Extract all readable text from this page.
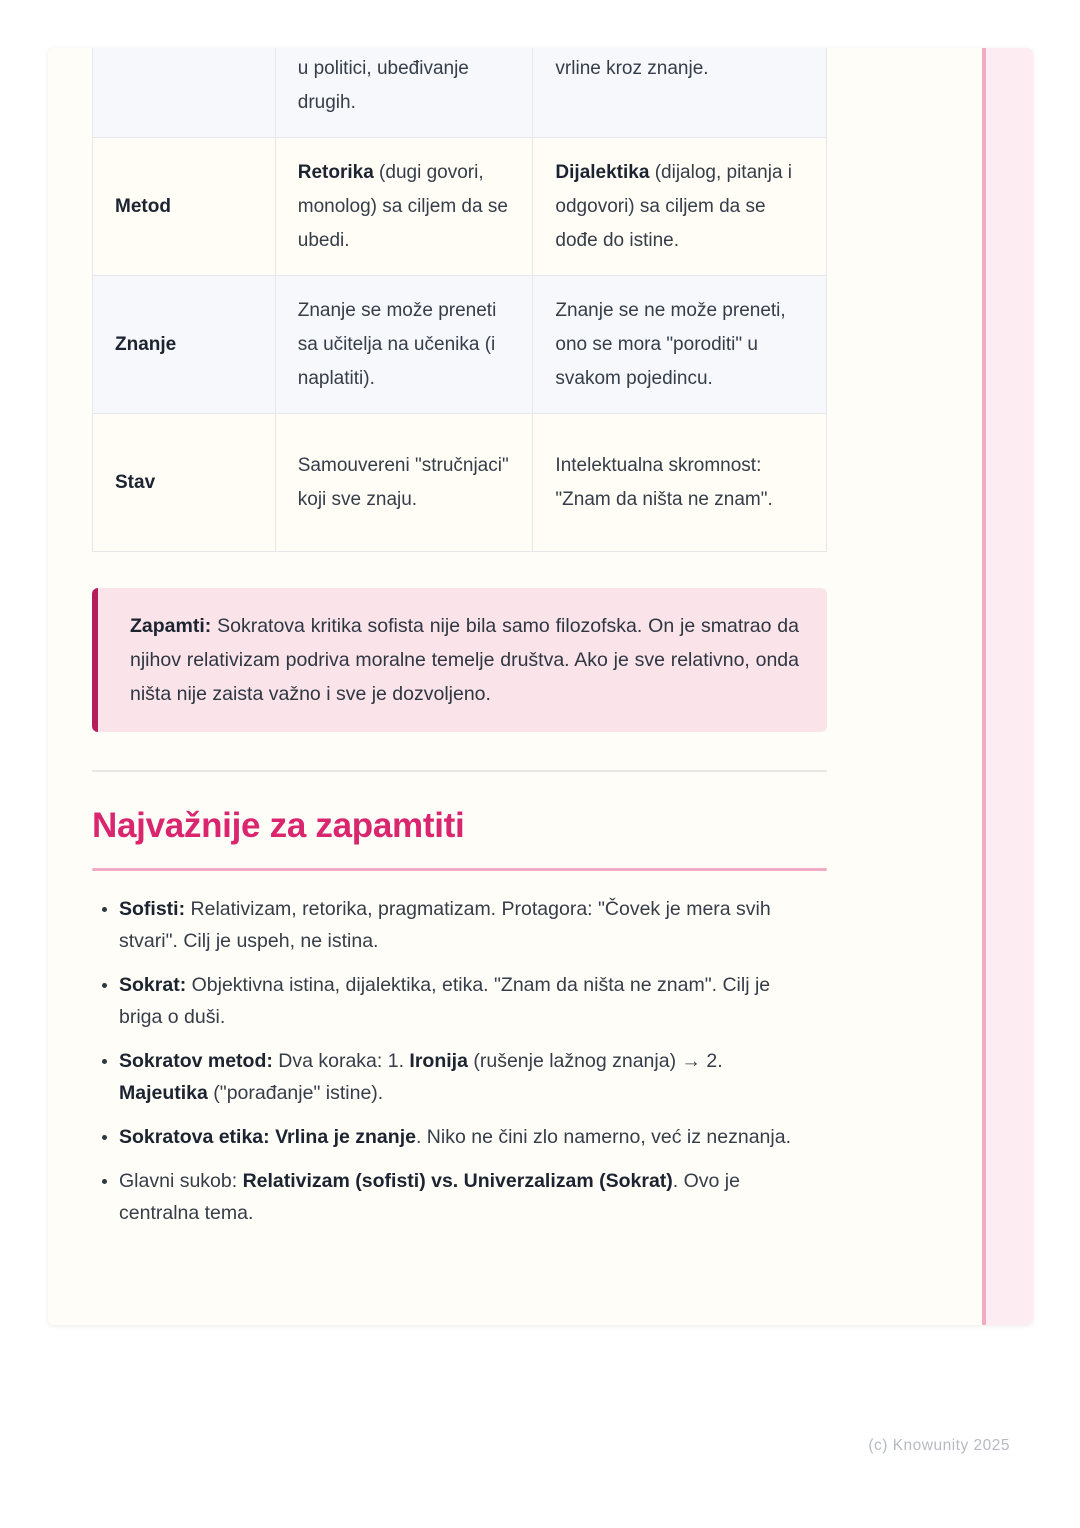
	u politici, ubeđivanje drugih.	vrline kroz znanje.
Metod	Retorika (dugi govori, monolog) sa ciljem da se ubedi.	Dijalektika (dijalog, pitanja i odgovori) sa ciljem da se dođe do istine.
Znanje	Znanje se može preneti sa učitelja na učenika (i naplatiti).	Znanje se ne može preneti, ono se mora "poroditi" u svakom pojedincu.
Stav	Samouvereni "stručnjaci" koji sve znaju.	Intelektualna skromnost: "Znam da ništa ne znam".
Zapamti: Sokratova kritika sofista nije bila samo filozofska. On je smatrao da njihov relativizam podriva moralne temelje društva. Ako je sve relativno, onda ništa nije zaista važno i sve je dozvoljeno.
Najvažnije za zapamtiti
• Sofisti: Relativizam, retorika, pragmatizam. Protagora: "Čovek je mera svih stvari". Cilj je uspeh, ne istina.
• Sokrat: Objektivna istina, dijalektika, etika. "Znam da ništa ne znam". Cilj je briga o duši.
• Sokratov metod: Dva koraka: 1. Ironija (rušenje lažnog znanja) → 2. Majeutika ("porađanje" istine).
• Sokratova etika: Vrlina je znanje. Niko ne čini zlo namerno, već iz neznanja.
• Glavni sukob: Relativizam (sofisti) vs. Univerzalizam (Sokrat). Ovo je centralna tema.
(c) Knowunity 2025
